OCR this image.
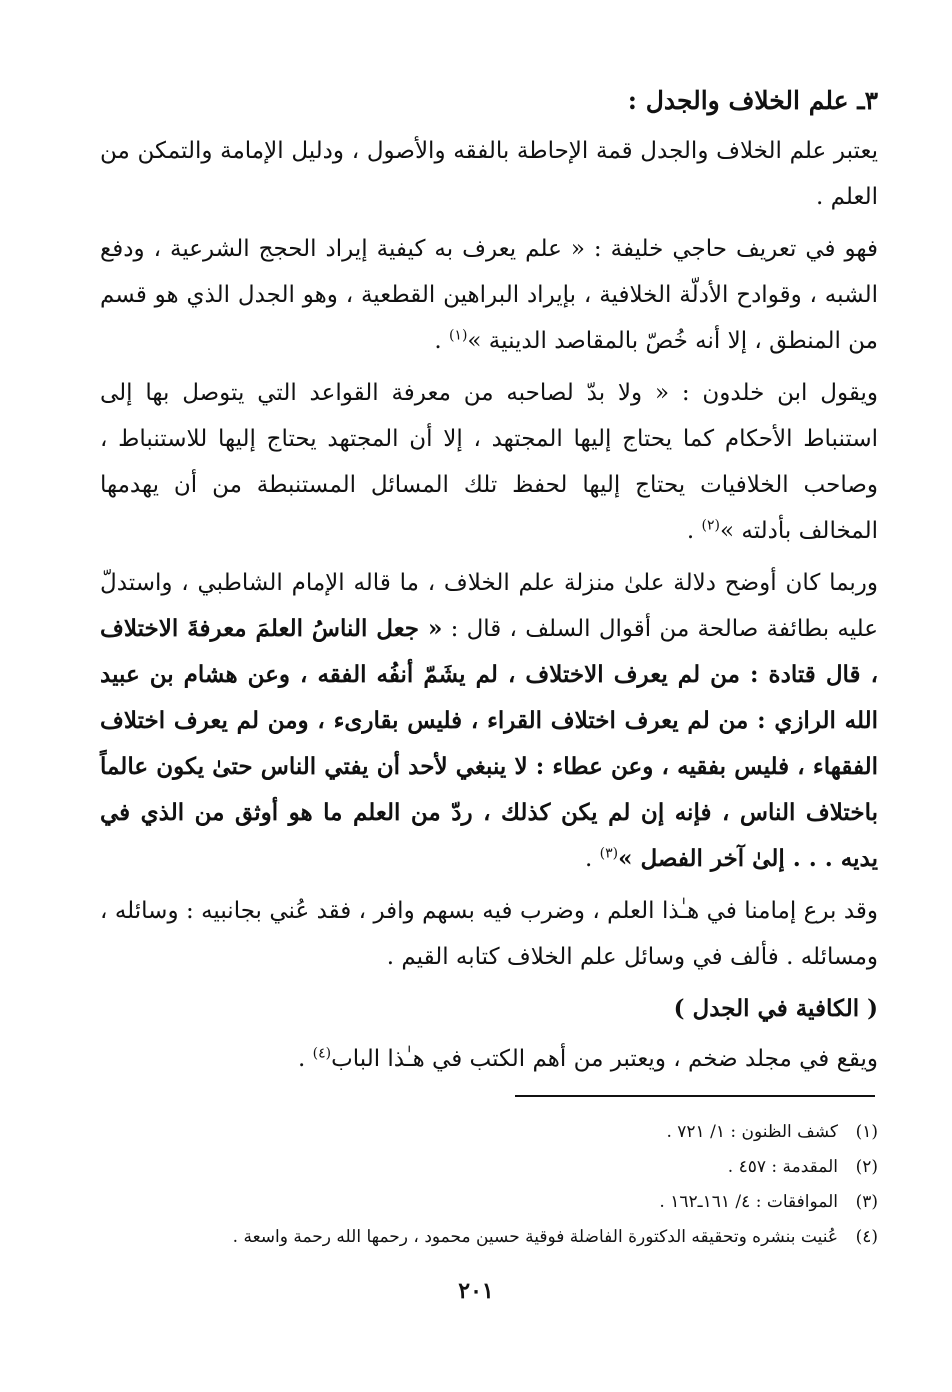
٣ـ علم الخلاف والجدل :

يعتبر علم الخلاف والجدل قمة الإحاطة بالفقه والأصول ، ودليل الإمامة والتمكن من العلم .

فهو في تعريف حاجي خليفة : « علم يعرف به كيفية إيراد الحجج الشرعية ، ودفع الشبه ، وقوادح الأدلّة الخلافية ، بإيراد البراهين القطعية ، وهو الجدل الذي هو قسم من المنطق ، إلا أنه خُصّ بالمقاصد الدينية »$^{(١)}$ .

ويقول ابن خلدون : « ولا بدّ لصاحبه من معرفة القواعد التي يتوصل بها إلى استنباط الأحكام كما يحتاج إليها المجتهد ، إلا أن المجتهد يحتاج إليها للاستنباط ، وصاحب الخلافيات يحتاج إليها لحفظ تلك المسائل المستنبطة من أن يهدمها المخالف بأدلته »$^{(٢)}$ .

وربما كان أوضح دلالة علىٰ منزلة علم الخلاف ، ما قاله الإمام الشاطبي ، واستدلّ عليه بطائفة صالحة من أقوال السلف ، قال : « جعل الناسُ العلمَ معرفةَ الاختلاف ، قال قتادة : من لم يعرف الاختلاف ، لم يشَمّ أنفُه الفقه ، وعن هشام بن عبيد الله الرازي : من لم يعرف اختلاف القراء ، فليس بقارىء ، ومن لم يعرف اختلاف الفقهاء ، فليس بفقيه ، وعن عطاء : لا ينبغي لأحد أن يفتي الناس حتىٰ يكون عالماً باختلاف الناس ، فإنه إن لم يكن كذلك ، ردّ من العلم ما هو أوثق من الذي في يديه . . . إلىٰ آخر الفصل »$^{(٣)}$ .

وقد برع إمامنا في هـٰذا العلم ، وضرب فيه بسهم وافر ، فقد عُني بجانبيه : وسائله ، ومسائله . فألف في وسائل علم الخلاف كتابه القيم .

( الكافية في الجدل )

ويقع في مجلد ضخم ، ويعتبر من أهم الكتب في هـٰذا الباب$^{(٤)}$ .

(١)كشف الظنون : ١/ ٧٢١ .
(٢)المقدمة : ٤٥٧ .
(٣)الموافقات : ٤/ ١٦١ـ١٦٢ .
(٤)عُنيت بنشره وتحقيقه الدكتورة الفاضلة فوقية حسين محمود ، رحمها الله رحمة واسعة .
٢٠١
